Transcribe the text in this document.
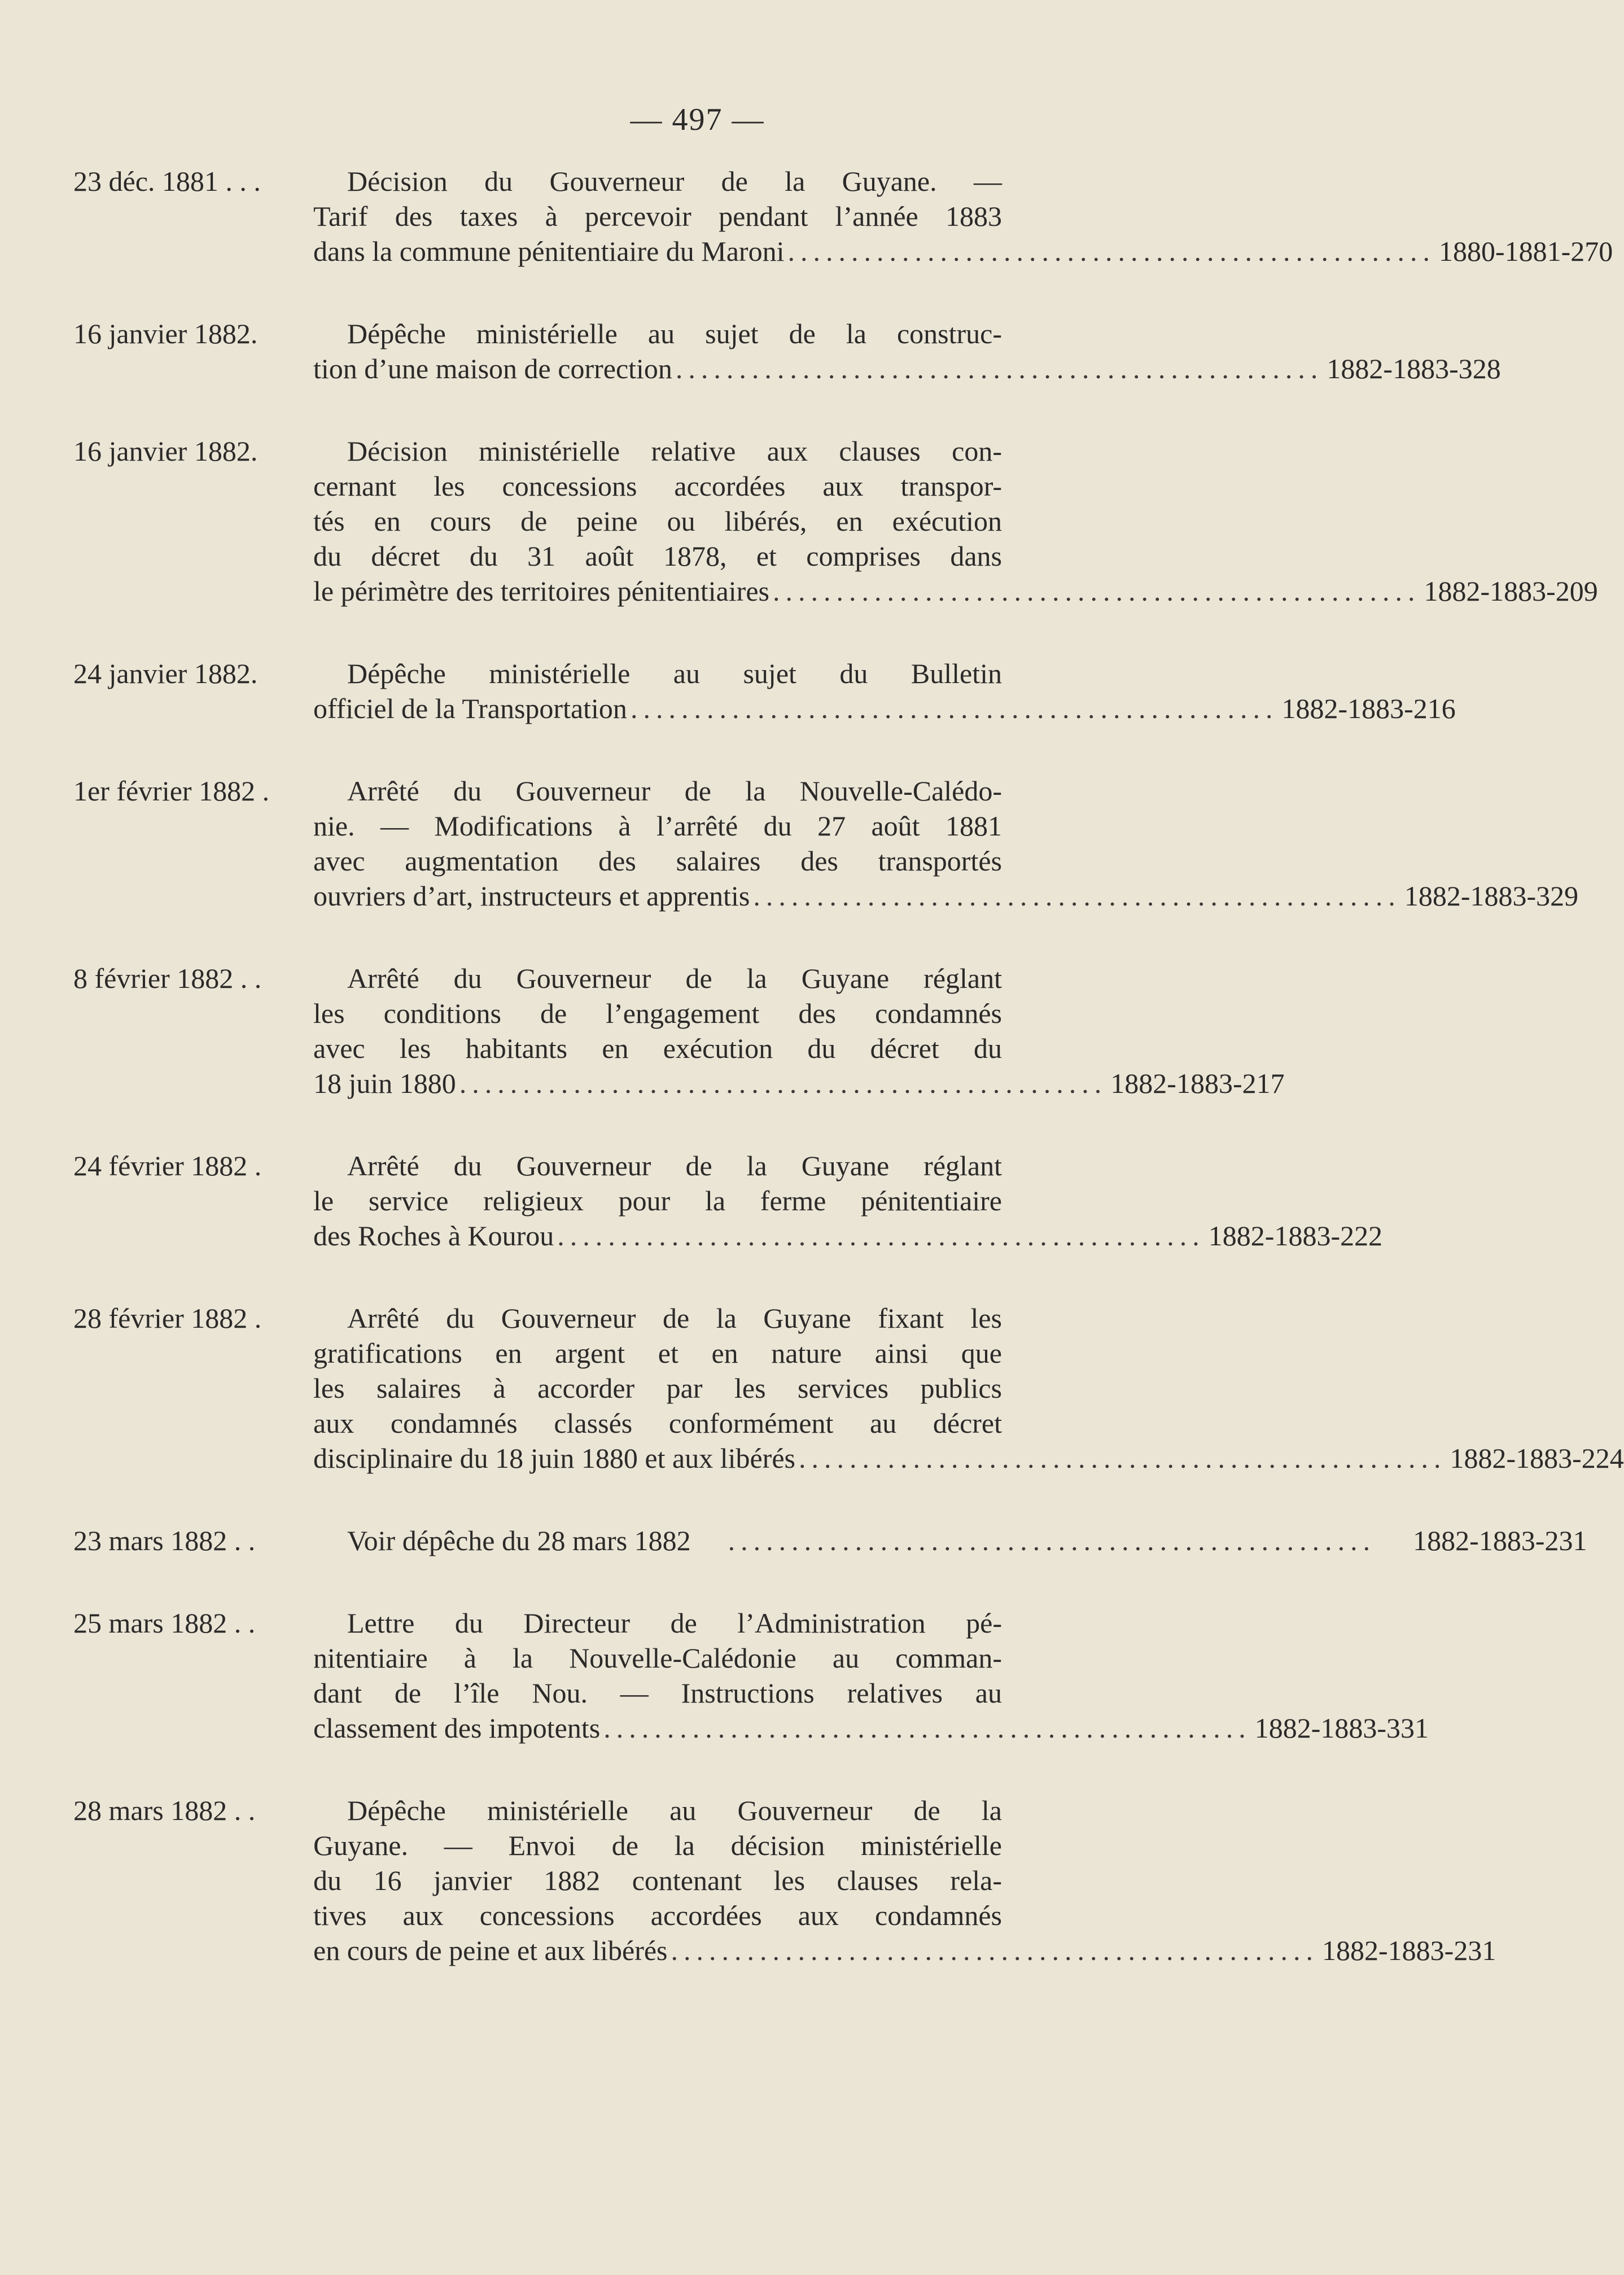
— 497 —
23 déc. 1881 . . .	Décision du Gouverneur de la Guyane. —
Tarif des taxes à percevoir pendant l’année 1883
dans la commune pénitentiaire du Maroni ................................................... 1880-1881-270
16 janvier 1882.	Dépêche ministérielle au sujet de la construc-
tion d’une maison de correction ................................................... 1882-1883-328
16 janvier 1882.	Décision ministérielle relative aux clauses con-
cernant les concessions accordées aux transpor-
tés en cours de peine ou libérés, en exécution
du décret du 31 août 1878, et comprises dans
le périmètre des territoires pénitentiaires ................................................... 1882-1883-209
24 janvier 1882.	Dépêche ministérielle au sujet du Bulletin
officiel de la Transportation ................................................... 1882-1883-216
1er février 1882 .	Arrêté du Gouverneur de la Nouvelle-Calédo-
nie. — Modifications à l’arrêté du 27 août 1881
avec augmentation des salaires des transportés
ouvriers d’art, instructeurs et apprentis ................................................... 1882-1883-329
8 février 1882 . .	Arrêté du Gouverneur de la Guyane réglant
les conditions de l’engagement des condamnés
avec les habitants en exécution du décret du
18 juin 1880 ................................................... 1882-1883-217
24 février 1882 .	Arrêté du Gouverneur de la Guyane réglant
le service religieux pour la ferme pénitentiaire
des Roches à Kourou ................................................... 1882-1883-222
28 février 1882 .	Arrêté du Gouverneur de la Guyane fixant les
gratifications en argent et en nature ainsi que
les salaires à accorder par les services publics
aux condamnés classés conformément au décret
disciplinaire du 18 juin 1880 et aux libérés ................................................... 1882-1883-224
23 mars 1882 . .	Voir dépêche du 28 mars 1882	...................................................	1882-1883-231
25 mars 1882 . .	Lettre du Directeur de l’Administration pé-
nitentiaire à la Nouvelle-Calédonie au comman-
dant de l’île Nou. — Instructions relatives au
classement des impotents ................................................... 1882-1883-331
28 mars 1882 . .	Dépêche ministérielle au Gouverneur de la
Guyane. — Envoi de la décision ministérielle
du 16 janvier 1882 contenant les clauses rela-
tives aux concessions accordées aux condamnés
en cours de peine et aux libérés ................................................... 1882-1883-231
